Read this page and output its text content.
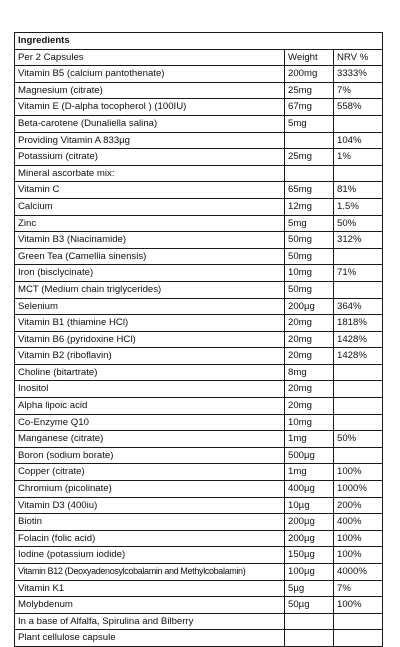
Ingredients		
Per 2 Capsules	Weight	NRV %
Vitamin B5 (calcium pantothenate)	200mg	3333%
Magnesium (citrate)	25mg	7%
Vitamin E (D-alpha tocopherol ) (100IU)	67mg	558%
Beta-carotene (Dunaliella salina)	5mg	
Providing Vitamin A 833µg		104%
Potassium (citrate)	25mg	1%
Mineral ascorbate mix:		
Vitamin C	65mg	81%
Calcium	12mg	1.5%
Zinc	5mg	50%
Vitamin B3 (Niacinamide)	50mg	312%
Green Tea (Camellia sinensis)	50mg	
Iron (bisclycinate)	10mg	71%
MCT (Medium chain triglycerides)	50mg	
Selenium	200µg	364%
Vitamin B1 (thiamine HCl)	20mg	1818%
Vitamin B6 (pyridoxine HCl)	20mg	1428%
Vitamin B2 (riboflavin)	20mg	1428%
Choline (bitartrate)	8mg	
Inositol	20mg	
Alpha lipoic acid	20mg	
Co-Enzyme Q10	10mg	
Manganese (citrate)	1mg	50%
Boron (sodium borate)	500µg	
Copper (citrate)	1mg	100%
Chromium (picolinate)	400µg	1000%
Vitamin D3 (400iu)	10µg	200%
Biotin	200µg	400%
Folacin (folic acid)	200µg	100%
Iodine (potassium iodide)	150µg	100%
Vitamin B12 (Deoxyadenosylcobalamin and Methylcobalamin)	100µg	4000%
Vitamin K1	5µg	7%
Molybdenum	50µg	100%
In a base of Alfalfa, Spirulina and Bilberry		
Plant cellulose capsule		
